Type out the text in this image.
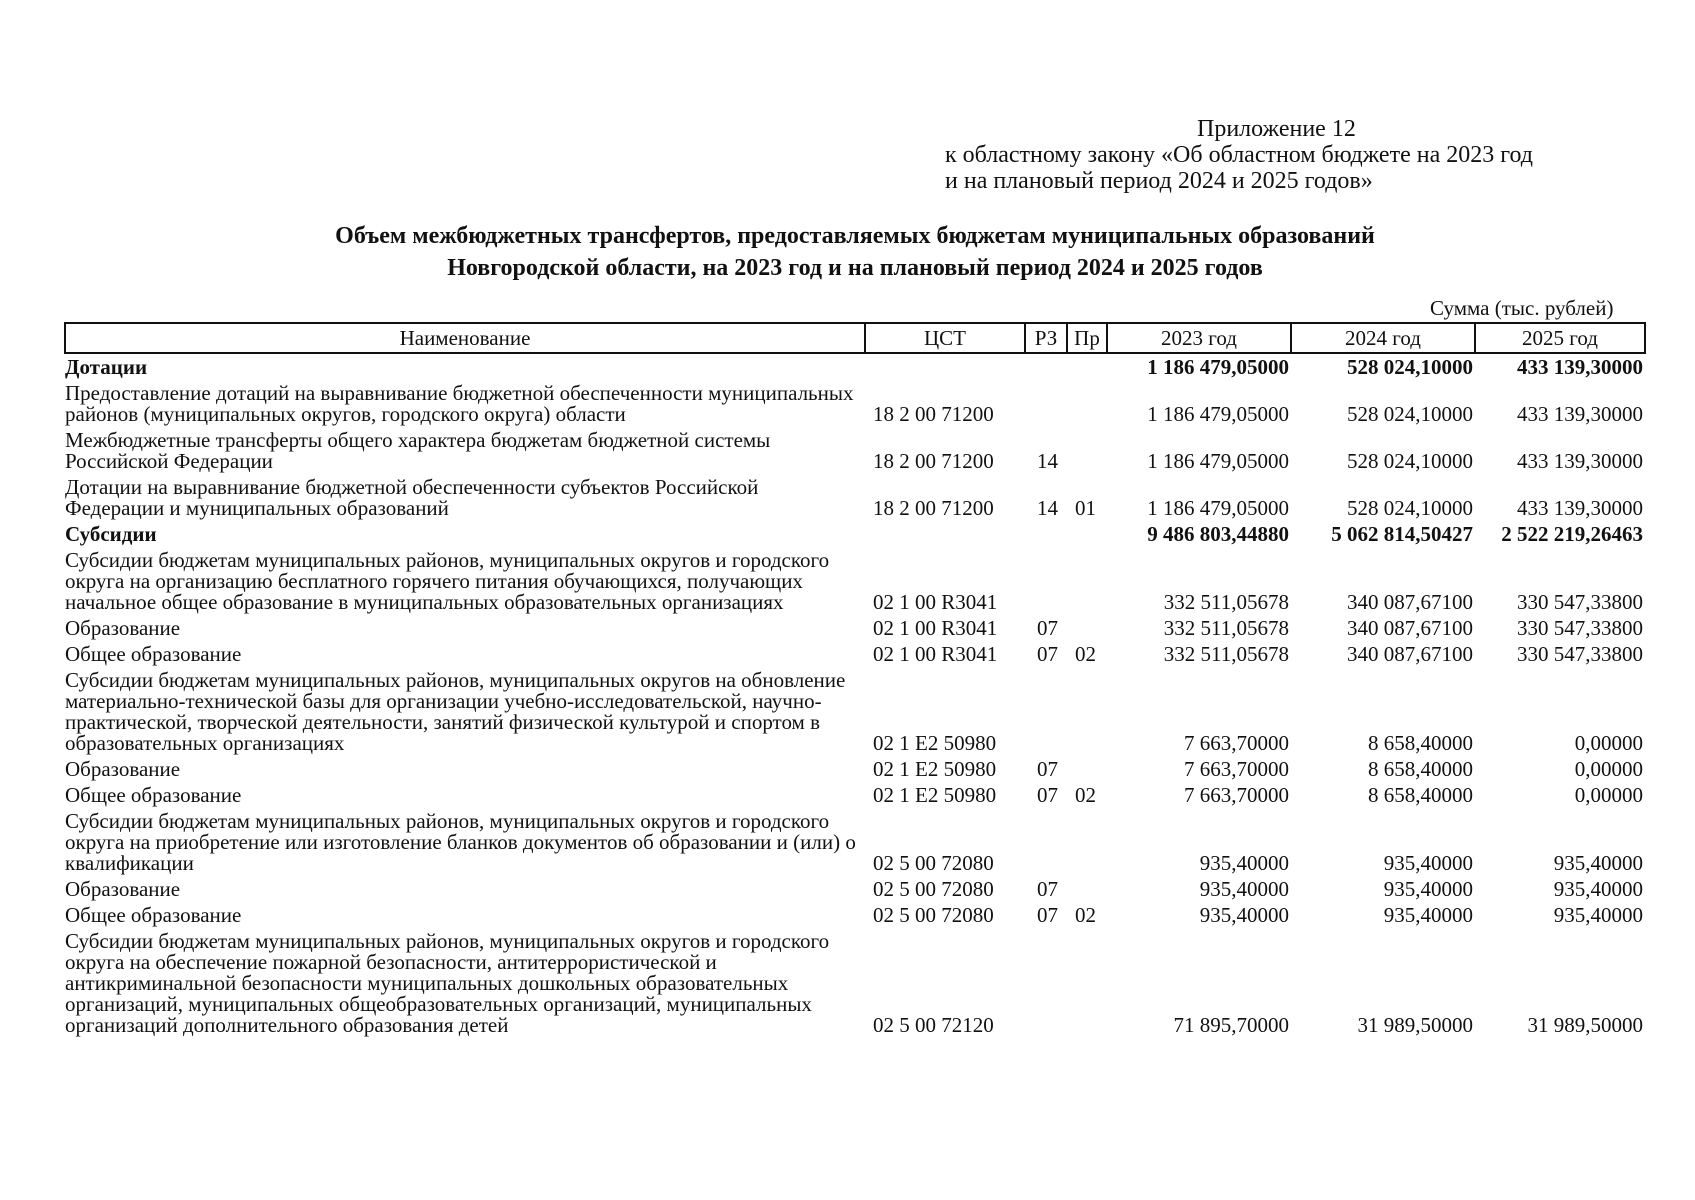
Приложение 12
к областному закону «Об областном бюджете на 2023 год
и на плановый период 2024 и 2025 годов»
Объем межбюджетных трансфертов, предоставляемых бюджетам муниципальных образований
Новгородской области, на 2023 год и на плановый период 2024 и 2025 годов
Сумма (тыс. рублей)
Наименование	ЦСТ	РЗ	Пр	2023 год	2024 год	2025 год
Дотации				1 186 479,05000	528 024,10000	433 139,30000
Предоставление дотаций на выравнивание бюджетной обеспеченности муниципальных районов (муниципальных округов, городского округа) области	18 2 00 71200			1 186 479,05000	528 024,10000	433 139,30000
Межбюджетные трансферты общего характера бюджетам бюджетной системы Российской Федерации	18 2 00 71200	14		1 186 479,05000	528 024,10000	433 139,30000
Дотации на выравнивание бюджетной обеспеченности субъектов Российской Федерации и муниципальных образований	18 2 00 71200	14	01	1 186 479,05000	528 024,10000	433 139,30000
Субсидии				9 486 803,44880	5 062 814,50427	2 522 219,26463
Субсидии бюджетам муниципальных районов, муниципальных округов и городского округа на организацию бесплатного горячего питания обучающихся, получающих начальное общее образование в муниципальных образовательных организациях	02 1 00 R3041			332 511,05678	340 087,67100	330 547,33800
Образование	02 1 00 R3041	07		332 511,05678	340 087,67100	330 547,33800
Общее образование	02 1 00 R3041	07	02	332 511,05678	340 087,67100	330 547,33800
Субсидии бюджетам муниципальных районов, муниципальных округов на обновление материально-технической базы для организации учебно-исследовательской, научно-практической, творческой деятельности, занятий физической культурой и спортом в образовательных организациях	02 1 E2 50980			7 663,70000	8 658,40000	0,00000
Образование	02 1 E2 50980	07		7 663,70000	8 658,40000	0,00000
Общее образование	02 1 E2 50980	07	02	7 663,70000	8 658,40000	0,00000
Субсидии бюджетам муниципальных районов, муниципальных округов и городского округа на приобретение или изготовление бланков документов об образовании и (или) о квалификации	02 5 00 72080			935,40000	935,40000	935,40000
Образование	02 5 00 72080	07		935,40000	935,40000	935,40000
Общее образование	02 5 00 72080	07	02	935,40000	935,40000	935,40000
Субсидии бюджетам муниципальных районов, муниципальных округов и городского округа на обеспечение пожарной безопасности, антитеррористической и антикриминальной безопасности муниципальных дошкольных образовательных организаций, муниципальных общеобразовательных организаций, муниципальных организаций дополнительного образования детей	02 5 00 72120			71 895,70000	31 989,50000	31 989,50000
